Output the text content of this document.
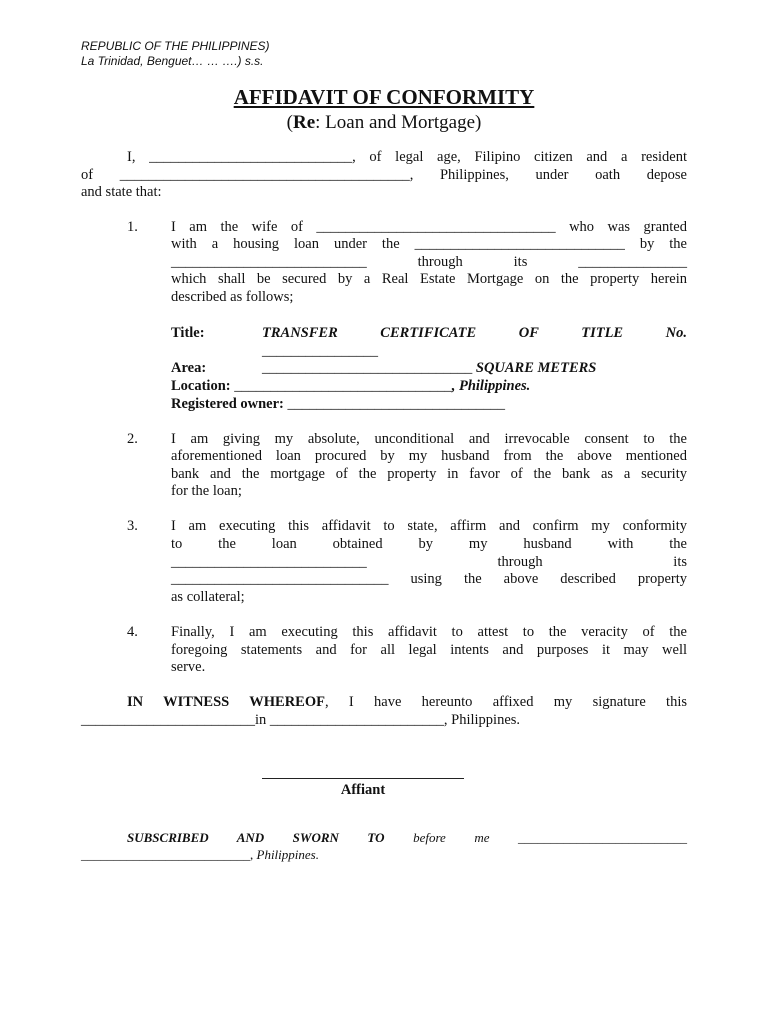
REPUBLIC OF THE PHILIPPINES)
La Trinidad, Benguet… … ….) s.s.
AFFIDAVIT OF CONFORMITY
(Re: Loan and Mortgage)
I, ____________________________, of legal age, Filipino citizen and a resident
of ________________________________________, Philippines, under oath depose
and state that:
1. I am the wife of _________________________________ who was granted
with a housing loan under the _____________________________ by the
___________________________ through its _______________
which shall be secured by a Real Estate Mortgage on the property herein
described as follows;
Title:	TRANSFER CERTIFICATE OF TITLE No.
________________
Area:	_____________________________ SQUARE METERS
Location: ______________________________, Philippines.
Registered owner: ______________________________
2. I am giving my absolute, unconditional and irrevocable consent to the
aforementioned loan procured by my husband from the above mentioned
bank and the mortgage of the property in favor of the bank as a security
for the loan;
3. I am executing this affidavit to state, affirm and confirm my conformity
to the loan obtained by my husband with the
___________________________ through its
______________________________ using the above described property
as collateral;
4. Finally, I am executing this affidavit to attest to the veracity of the
foregoing statements and for all legal intents and purposes it may well
serve.
IN WITNESS WHEREOF, I have hereunto affixed my signature this
________________________in ________________________, Philippines.
Affiant
SUBSCRIBED AND SWORN TO before me __________________________
__________________________, Philippines.
